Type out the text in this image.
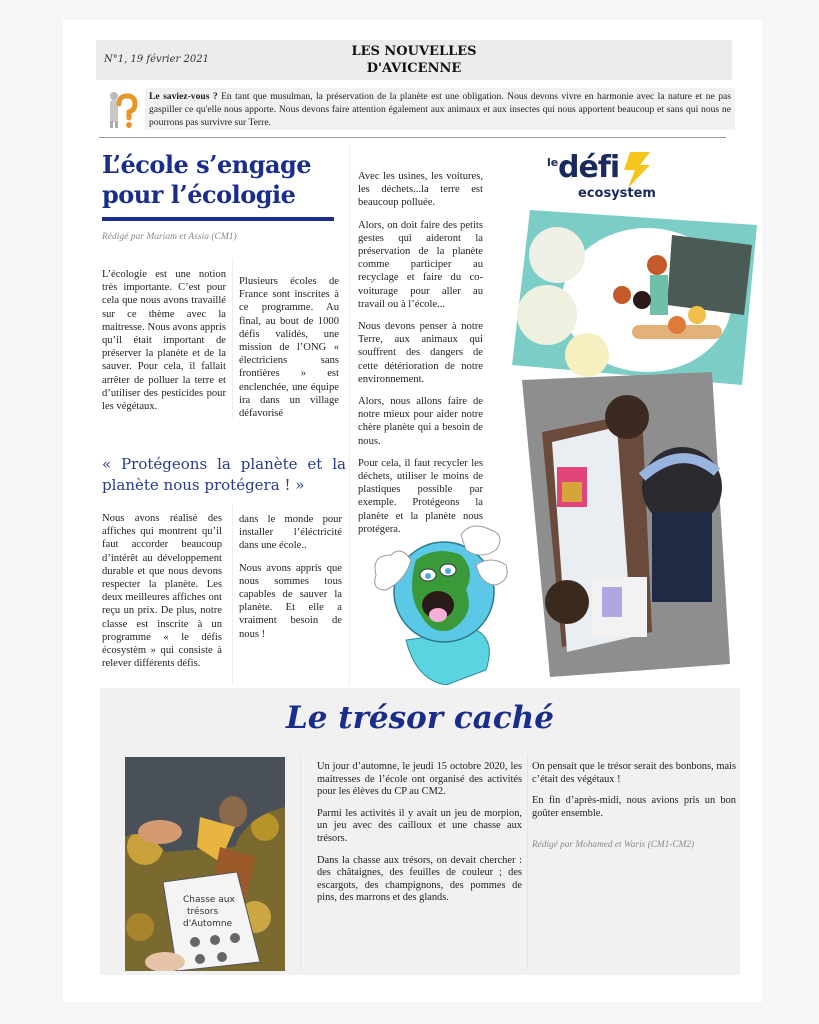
N°1, 19 février 2021
LES NOUVELLES
D'AVICENNE
Le saviez-vous ? En tant que musulman, la préservation de la planète est une obligation. Nous devons vivre en harmonie avec la nature et ne pas gaspiller ce qu'elle nous apporte. Nous devons faire attention également aux animaux et aux insectes qui nous apportent beaucoup et sans qui nous ne pourrons pas survivre sur Terre.
L’école s’engage pour l’écologie
Rédigé par Mariam et Assia (CM1)

L’écologie est une notion très importante. C’est pour cela que nous avons travaillé sur ce thème avec la maitresse. Nous avons appris qu’il était important de préserver la planète et de la sauver. Pour cela, il fallait arrêter de polluer la terre et d’utiliser des pesticides pour les végétaux.

Plusieurs écoles de France sont inscrites à ce programme. Au final, au bout de 1000 défis validés, une mission de l’ONG « électriciens sans frontières » est enclenchée, une équipe ira dans un village défavorisé

Avec les usines, les voitures, les déchets...la terre est beaucoup polluée.

Alors, on doit faire des petits gestes qui aideront la préservation de la planète comme participer au recyclage et faire du co-voiturage pour aller au travail ou à l’école...

Nous devons penser à notre Terre, aux animaux qui souffrent des dangers de cette détérioration de notre environnement.

Alors, nous allons faire de notre mieux pour aider notre chère planète qui a besoin de nous.

Pour cela, il faut recycler les déchets, utiliser le moins de plastiques possible par exemple. Protégeons la planète et la planète nous protégera.

« Protégeons la planète et la planète nous protégera ! »

Nous avons réalisé des affiches qui montrent qu’il faut accorder beaucoup d’intérêt au développement durable et que nous devons respecter la planète. Les deux meilleures affiches ont reçu un prix. De plus, notre classe est inscrite à un programme « le défis écosystèm » qui consiste à relever différents défis.

dans le monde pour installer l’éléctricité dans une école..

Nous avons appris que nous sommes tous capables de sauver la planète. Et elle a vraiment besoin de nous !

le défi
ecosystem
Le trésor caché
Chasse aux
trésors
d'Automne

Un jour d’automne, le jeudi 15 octobre 2020, les maitresses de l’école ont organisé des activités pour les élèves du CP au CM2.

Parmi les activités il y avait un jeu de morpion, un jeu avec des cailloux et une chasse aux trésors.

Dans la chasse aux trésors, on devait chercher : des châtaignes, des feuilles de couleur ; des escargots, des champignons, des pommes de pins, des marrons et des glands.

On pensait que le trésor serait des bonbons, mais c’était des végétaux !

En fin d’après-midi, nous avions pris un bon goûter ensemble.

Rédigé par Mohamed et Waris (CM1-CM2)
